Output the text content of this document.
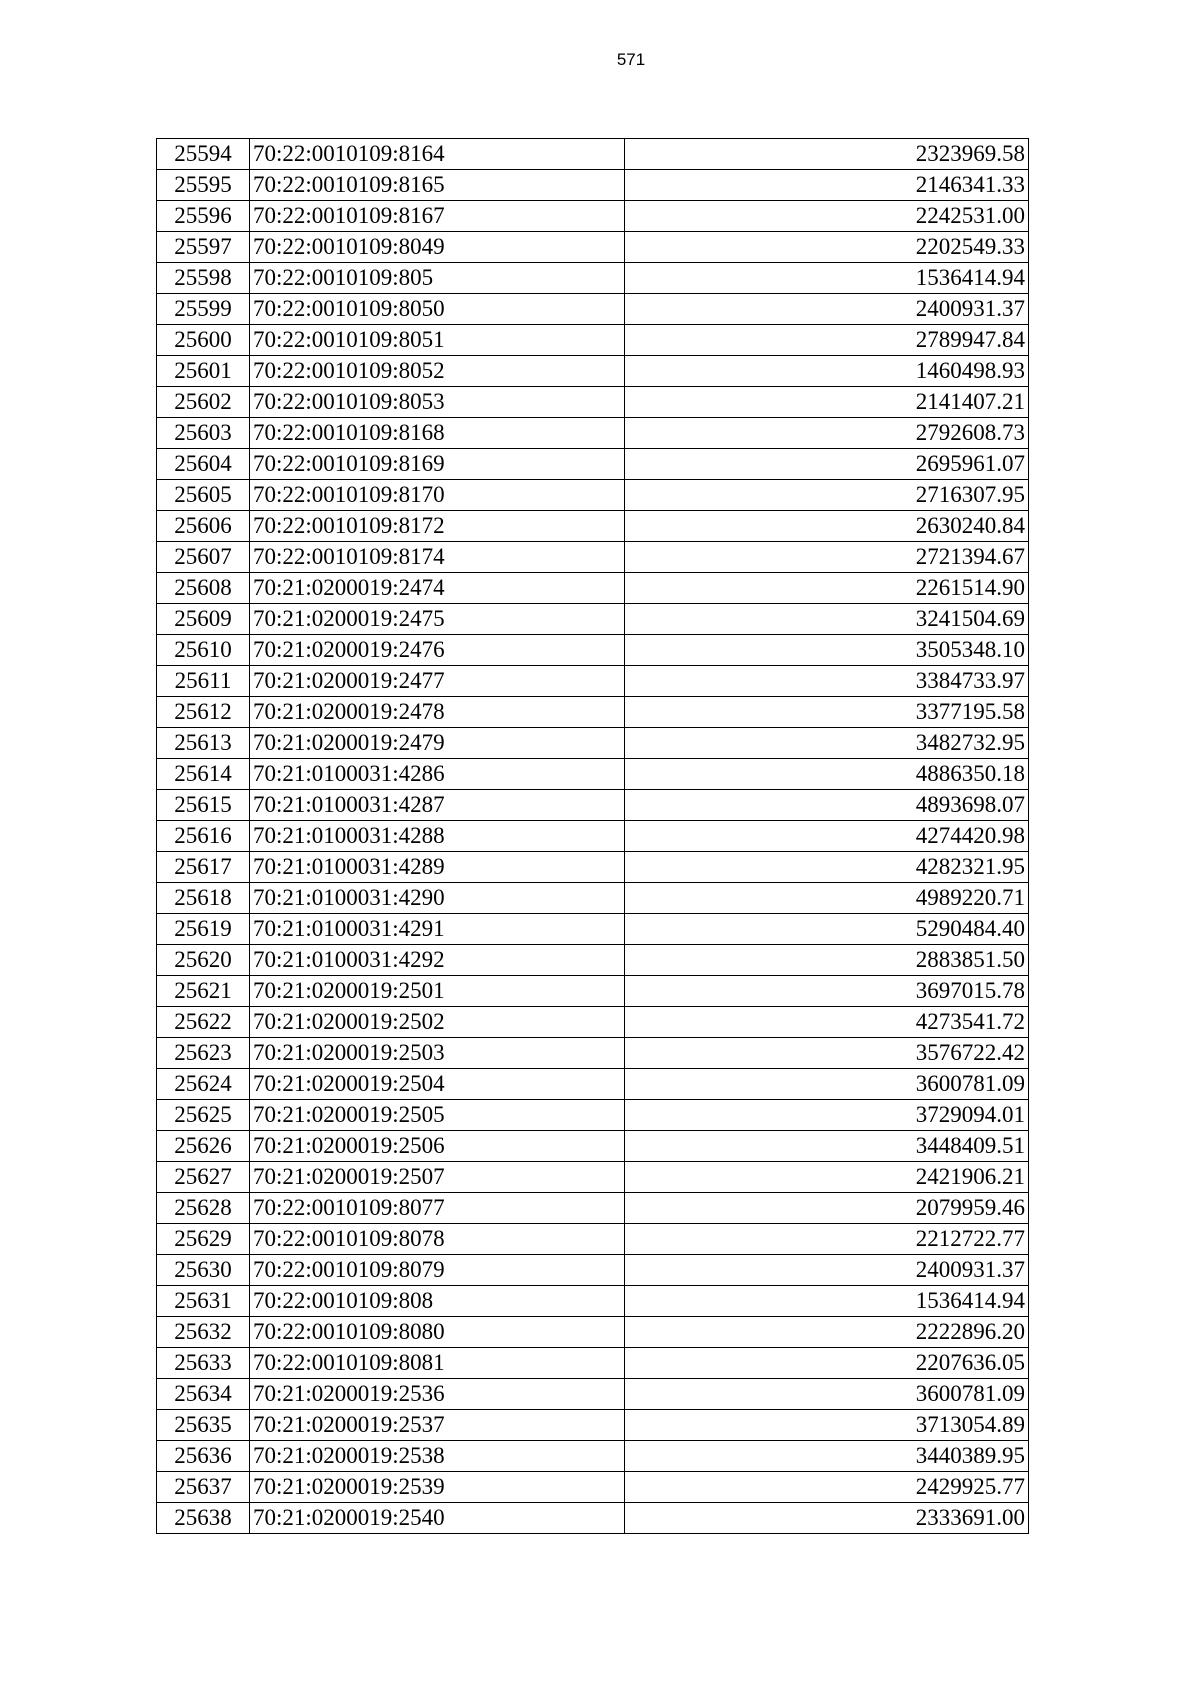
571
25594	70:22:0010109:8164	2323969.58
25595	70:22:0010109:8165	2146341.33
25596	70:22:0010109:8167	2242531.00
25597	70:22:0010109:8049	2202549.33
25598	70:22:0010109:805	1536414.94
25599	70:22:0010109:8050	2400931.37
25600	70:22:0010109:8051	2789947.84
25601	70:22:0010109:8052	1460498.93
25602	70:22:0010109:8053	2141407.21
25603	70:22:0010109:8168	2792608.73
25604	70:22:0010109:8169	2695961.07
25605	70:22:0010109:8170	2716307.95
25606	70:22:0010109:8172	2630240.84
25607	70:22:0010109:8174	2721394.67
25608	70:21:0200019:2474	2261514.90
25609	70:21:0200019:2475	3241504.69
25610	70:21:0200019:2476	3505348.10
25611	70:21:0200019:2477	3384733.97
25612	70:21:0200019:2478	3377195.58
25613	70:21:0200019:2479	3482732.95
25614	70:21:0100031:4286	4886350.18
25615	70:21:0100031:4287	4893698.07
25616	70:21:0100031:4288	4274420.98
25617	70:21:0100031:4289	4282321.95
25618	70:21:0100031:4290	4989220.71
25619	70:21:0100031:4291	5290484.40
25620	70:21:0100031:4292	2883851.50
25621	70:21:0200019:2501	3697015.78
25622	70:21:0200019:2502	4273541.72
25623	70:21:0200019:2503	3576722.42
25624	70:21:0200019:2504	3600781.09
25625	70:21:0200019:2505	3729094.01
25626	70:21:0200019:2506	3448409.51
25627	70:21:0200019:2507	2421906.21
25628	70:22:0010109:8077	2079959.46
25629	70:22:0010109:8078	2212722.77
25630	70:22:0010109:8079	2400931.37
25631	70:22:0010109:808	1536414.94
25632	70:22:0010109:8080	2222896.20
25633	70:22:0010109:8081	2207636.05
25634	70:21:0200019:2536	3600781.09
25635	70:21:0200019:2537	3713054.89
25636	70:21:0200019:2538	3440389.95
25637	70:21:0200019:2539	2429925.77
25638	70:21:0200019:2540	2333691.00
